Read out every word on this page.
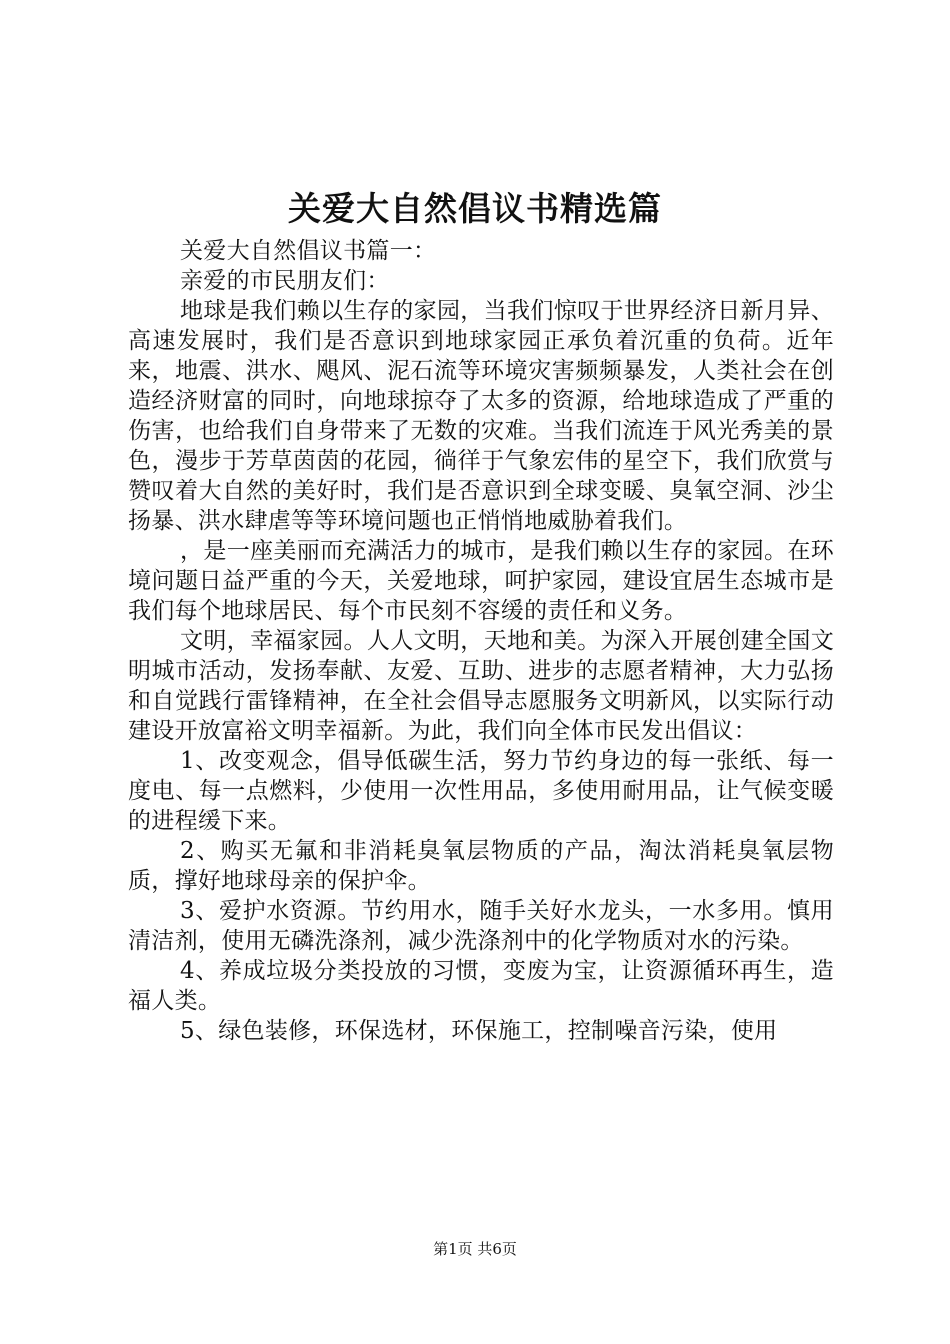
关爱大自然倡议书精选篇

关爱大自然倡议书篇一：

亲爱的市民朋友们：

地球是我们赖以生存的家园，当我们惊叹于世界经济日新月异、高速发展时，我们是否意识到地球家园正承负着沉重的负荷。近年来，地震、洪水、飓风、泥石流等环境灾害频频暴发，人类社会在创造经济财富的同时，向地球掠夺了太多的资源，给地球造成了严重的伤害，也给我们自身带来了无数的灾难。当我们流连于风光秀美的景色，漫步于芳草茵茵的花园，徜徉于气象宏伟的星空下，我们欣赏与赞叹着大自然的美好时，我们是否意识到全球变暖、臭氧空洞、沙尘扬暴、洪水肆虐等等环境问题也正悄悄地威胁着我们。

，是一座美丽而充满活力的城市，是我们赖以生存的家园。在环境问题日益严重的今天，关爱地球，呵护家园，建设宜居生态城市是我们每个地球居民、每个市民刻不容缓的责任和义务。

文明，幸福家园。人人文明，天地和美。为深入开展创建全国文明城市活动，发扬奉献、友爱、互助、进步的志愿者精神，大力弘扬和自觉践行雷锋精神，在全社会倡导志愿服务文明新风，以实际行动建设开放富裕文明幸福新。为此，我们向全体市民发出倡议：

1、改变观念，倡导低碳生活，努力节约身边的每一张纸、每一度电、每一点燃料，少使用一次性用品，多使用耐用品，让气候变暖的进程缓下来。

2、购买无氟和非消耗臭氧层物质的产品，淘汰消耗臭氧层物质，撑好地球母亲的保护伞。

3、爱护水资源。节约用水，随手关好水龙头，一水多用。慎用清洁剂，使用无磷洗涤剂，减少洗涤剂中的化学物质对水的污染。

4、养成垃圾分类投放的习惯，变废为宝，让资源循环再生，造福人类。

5、绿色装修，环保选材，环保施工，控制噪音污染，使用

第1页 共6页
